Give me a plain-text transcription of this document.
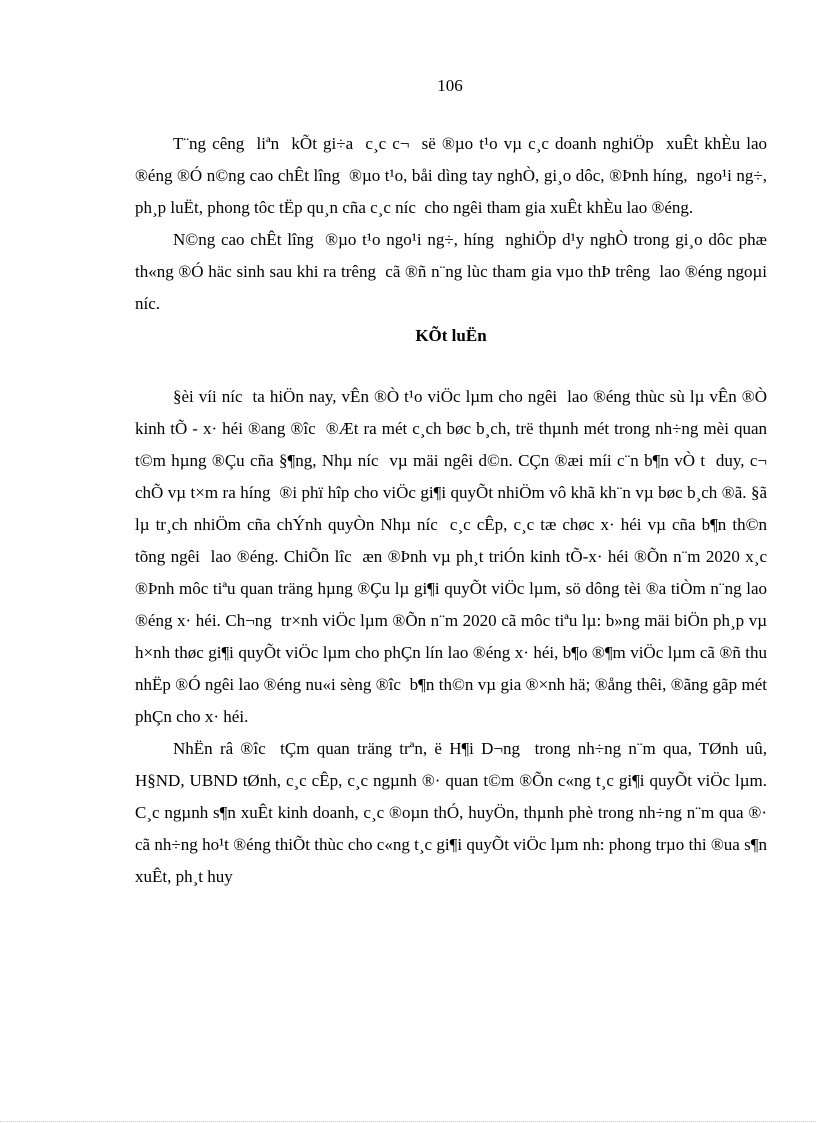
106

T¨ng cêng  liªn  kÕt gi÷a  c¸c c¬  së ®µo t¹o vµ c¸c doanh nghiÖp  xuÊt khÈu lao ®éng ®Ó n©ng cao chÊt lîng  ®µo t¹o, båi dìng tay nghÒ, gi¸o dôc, ®Þnh híng,  ngo¹i ng÷, ph¸p luËt, phong tôc tËp qu¸n cña c¸c níc  cho ngêi tham gia xuÊt khÈu lao ®éng.

N©ng cao chÊt lîng  ®µo t¹o ngo¹i ng÷, híng  nghiÖp d¹y nghÒ trong gi¸o dôc phæ th«ng ®Ó häc sinh sau khi ra trêng  cã ®ñ n¨ng lùc tham gia vµo thÞ trêng  lao ®éng ngoµi níc.

KÕt luËn

§èi víi níc  ta hiÖn nay, vÊn ®Ò t¹o viÖc lµm cho ngêi  lao ®éng thùc sù lµ vÊn ®Ò kinh tÕ - x· héi ®ang ®îc  ®Æt ra mét c¸ch bøc b¸ch, trë thµnh mét trong nh÷ng mèi quan t©m hµng ®Çu cña §¶ng, Nhµ níc  vµ mäi ngêi d©n. CÇn ®æi míi c¨n b¶n vÒ t  duy, c¬ chÕ vµ t×m ra híng  ®i phï hîp cho viÖc gi¶i quyÕt nhiÖm vô khã kh¨n vµ bøc b¸ch ®ã. §ã lµ tr¸ch nhiÖm cña chÝnh quyÒn Nhµ níc  c¸c cÊp, c¸c tæ chøc x· héi vµ cña b¶n th©n tõng ngêi  lao ®éng. ChiÕn lîc  æn ®Þnh vµ ph¸t triÓn kinh tÕ-x· héi ®Õn n¨m 2020 x¸c ®Þnh môc tiªu quan träng hµng ®Çu lµ gi¶i quyÕt viÖc lµm, sö dông tèi ®a tiÒm n¨ng lao ®éng x· héi. Ch¬ng  tr×nh viÖc lµm ®Õn n¨m 2020 cã môc tiªu lµ: b»ng mäi biÖn ph¸p vµ h×nh thøc gi¶i quyÕt viÖc lµm cho phÇn lín lao ®éng x· héi, b¶o ®¶m viÖc lµm cã ®ñ thu nhËp ®Ó ngêi lao ®éng nu«i sèng ®îc  b¶n th©n vµ gia ®×nh hä; ®ång thêi, ®ãng gãp mét phÇn cho x· héi.

NhËn râ ®îc  tÇm quan träng trªn, ë H¶i D¬ng  trong nh÷ng n¨m qua, TØnh uû, H§ND, UBND tØnh, c¸c cÊp, c¸c ngµnh ®· quan t©m ®Õn c«ng t¸c gi¶i quyÕt viÖc lµm. C¸c ngµnh s¶n xuÊt kinh doanh, c¸c ®oµn thÓ, huyÖn, thµnh phè trong nh÷ng n¨m qua ®· cã nh÷ng ho¹t ®éng thiÕt thùc cho c«ng t¸c gi¶i quyÕt viÖc lµm nh: phong trµo thi ®ua s¶n xuÊt, ph¸t huy
